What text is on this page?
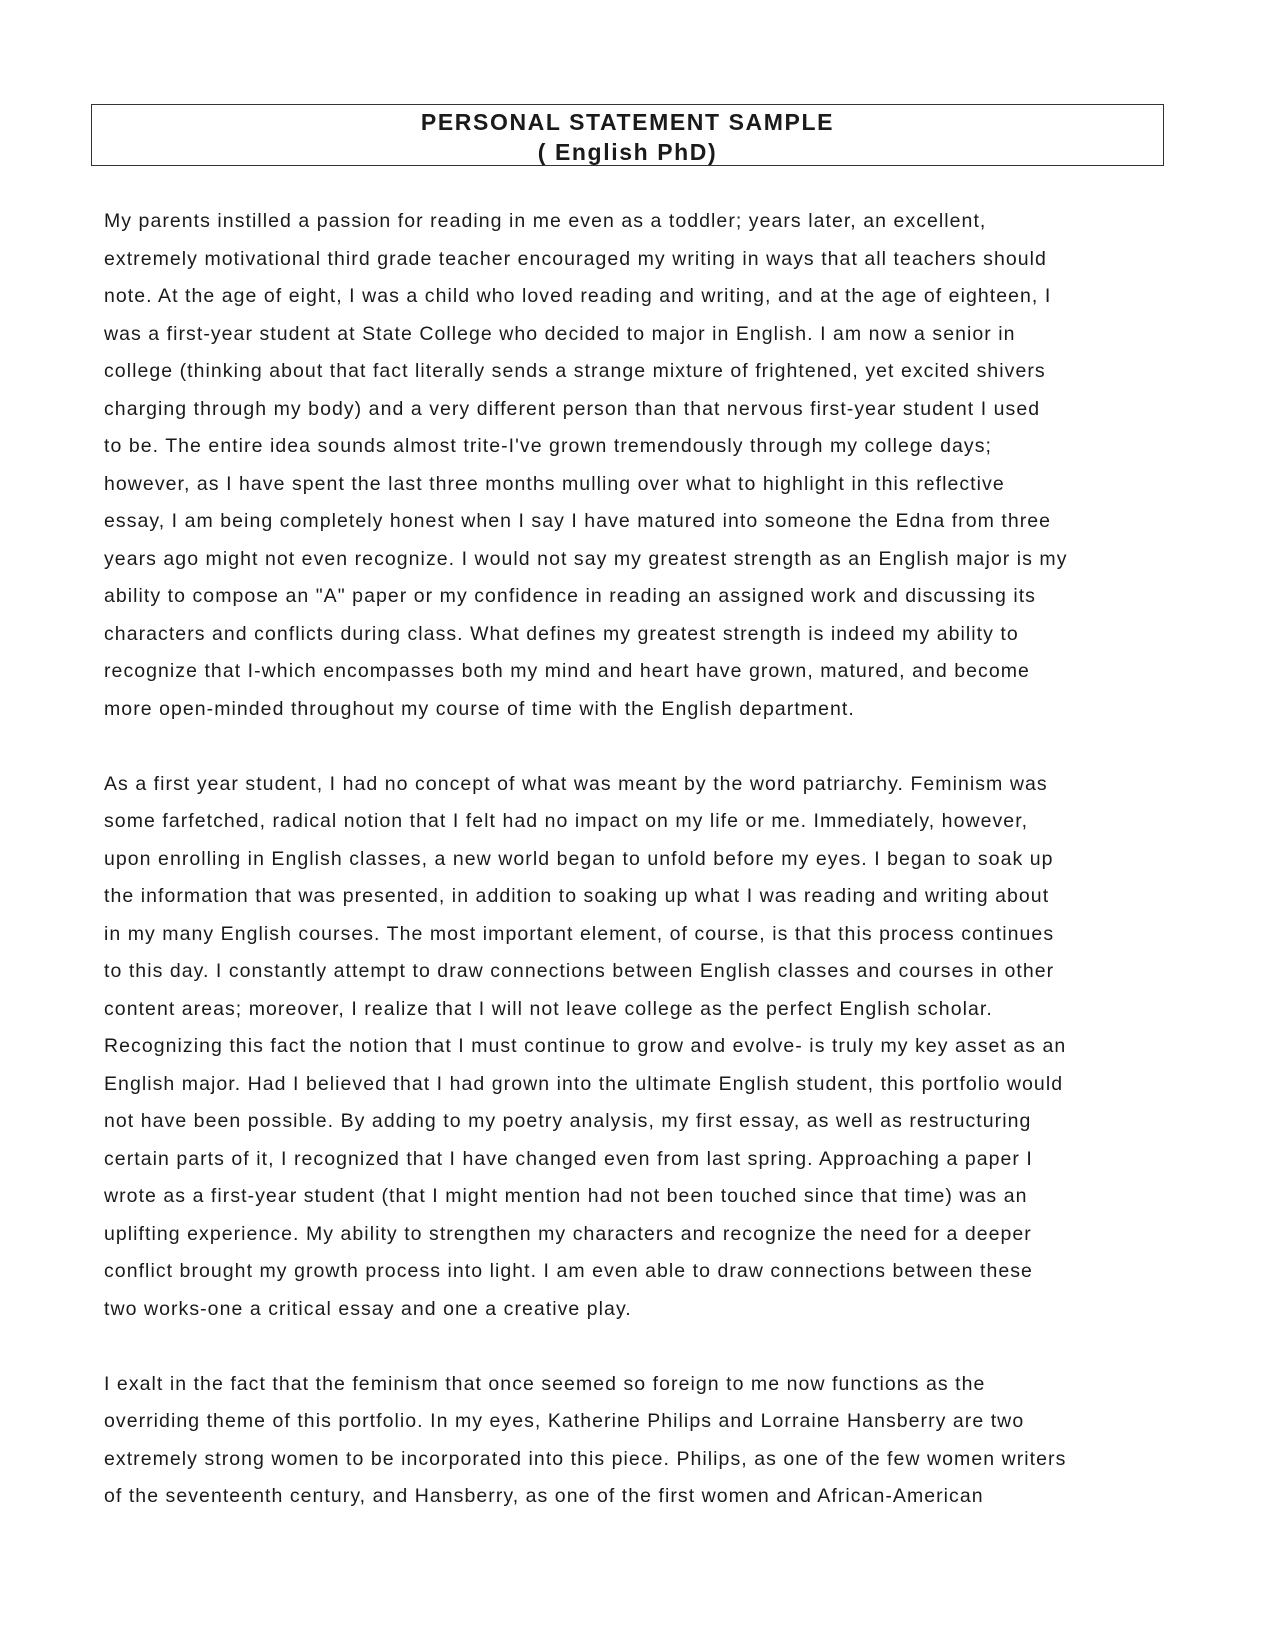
PERSONAL STATEMENT SAMPLE
( English PhD)
My parents instilled a passion for reading in me even as a toddler; years later, an excellent,
extremely motivational third grade teacher encouraged my writing in ways that all teachers should
note. At the age of eight, I was a child who loved reading and writing, and at the age of eighteen, I
was a first-year student at State College who decided to major in English. I am now a senior in
college (thinking about that fact literally sends a strange mixture of frightened, yet excited shivers
charging through my body) and a very different person than that nervous first-year student I used
to be. The entire idea sounds almost trite-I've grown tremendously through my college days;
however, as I have spent the last three months mulling over what to highlight in this reflective
essay, I am being completely honest when I say I have matured into someone the Edna from three
years ago might not even recognize. I would not say my greatest strength as an English major is my
ability to compose an "A" paper or my confidence in reading an assigned work and discussing its
characters and conflicts during class. What defines my greatest strength is indeed my ability to
recognize that I-which encompasses both my mind and heart have grown, matured, and become
more open-minded throughout my course of time with the English department.
As a first year student, I had no concept of what was meant by the word patriarchy. Feminism was
some farfetched, radical notion that I felt had no impact on my life or me. Immediately, however,
upon enrolling in English classes, a new world began to unfold before my eyes. I began to soak up
the information that was presented, in addition to soaking up what I was reading and writing about
in my many English courses. The most important element, of course, is that this process continues
to this day. I constantly attempt to draw connections between English classes and courses in other
content areas; moreover, I realize that I will not leave college as the perfect English scholar.
Recognizing this fact the notion that I must continue to grow and evolve- is truly my key asset as an
English major. Had I believed that I had grown into the ultimate English student, this portfolio would
not have been possible. By adding to my poetry analysis, my first essay, as well as restructuring
certain parts of it, I recognized that I have changed even from last spring. Approaching a paper I
wrote as a first-year student (that I might mention had not been touched since that time) was an
uplifting experience. My ability to strengthen my characters and recognize the need for a deeper
conflict brought my growth process into light. I am even able to draw connections between these
two works-one a critical essay and one a creative play.
I exalt in the fact that the feminism that once seemed so foreign to me now functions as the
overriding theme of this portfolio. In my eyes, Katherine Philips and Lorraine Hansberry are two
extremely strong women to be incorporated into this piece. Philips, as one of the few women writers
of the seventeenth century, and Hansberry, as one of the first women and African-American
